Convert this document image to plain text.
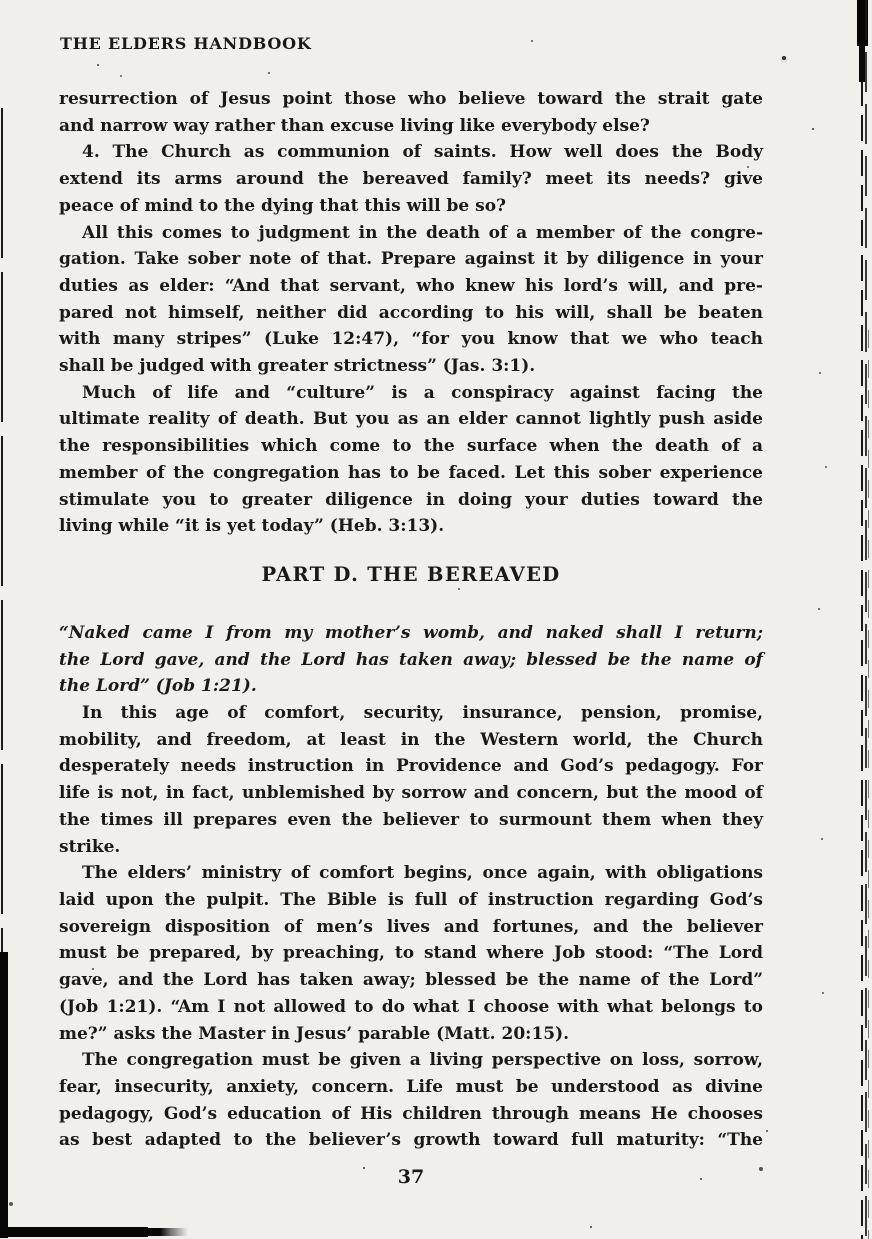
THE ELDERS HANDBOOK
resurrection of Jesus point those who believe toward the strait gate
and narrow way rather than excuse living like everybody else?
4. The Church as communion of saints. How well does the Body
extend its arms around the bereaved family? meet its needs? give
peace of mind to the dying that this will be so?
All this comes to judgment in the death of a member of the congre-
gation. Take sober note of that. Prepare against it by diligence in your
duties as elder: “And that servant, who knew his lord’s will, and pre-
pared not himself, neither did according to his will, shall be beaten
with many stripes” (Luke 12:47), “for you know that we who teach
shall be judged with greater strictness” (Jas. 3:1).
Much of life and “culture” is a conspiracy against facing the
ultimate reality of death. But you as an elder cannot lightly push aside
the responsibilities which come to the surface when the death of a
member of the congregation has to be faced. Let this sober experience
stimulate you to greater diligence in doing your duties toward the
living while “it is yet today” (Heb. 3:13).
PART D. THE BEREAVED
“Naked came I from my mother’s womb, and naked shall I return;
the Lord gave, and the Lord has taken away; blessed be the name of
the Lord” (Job 1:21).
In this age of comfort, security, insurance, pension, promise,
mobility, and freedom, at least in the Western world, the Church
desperately needs instruction in Providence and God’s pedagogy. For
life is not, in fact, unblemished by sorrow and concern, but the mood of
the times ill prepares even the believer to surmount them when they
strike.
The elders’ ministry of comfort begins, once again, with obligations
laid upon the pulpit. The Bible is full of instruction regarding God’s
sovereign disposition of men’s lives and fortunes, and the believer
must be prepared, by preaching, to stand where Job stood: “The Lord
gave, and the Lord has taken away; blessed be the name of the Lord”
(Job 1:21). “Am I not allowed to do what I choose with what belongs to
me?” asks the Master in Jesus’ parable (Matt. 20:15).
The congregation must be given a living perspective on loss, sorrow,
fear, insecurity, anxiety, concern. Life must be understood as divine
pedagogy, God’s education of His children through means He chooses
as best adapted to the believer’s growth toward full maturity: “The
37
